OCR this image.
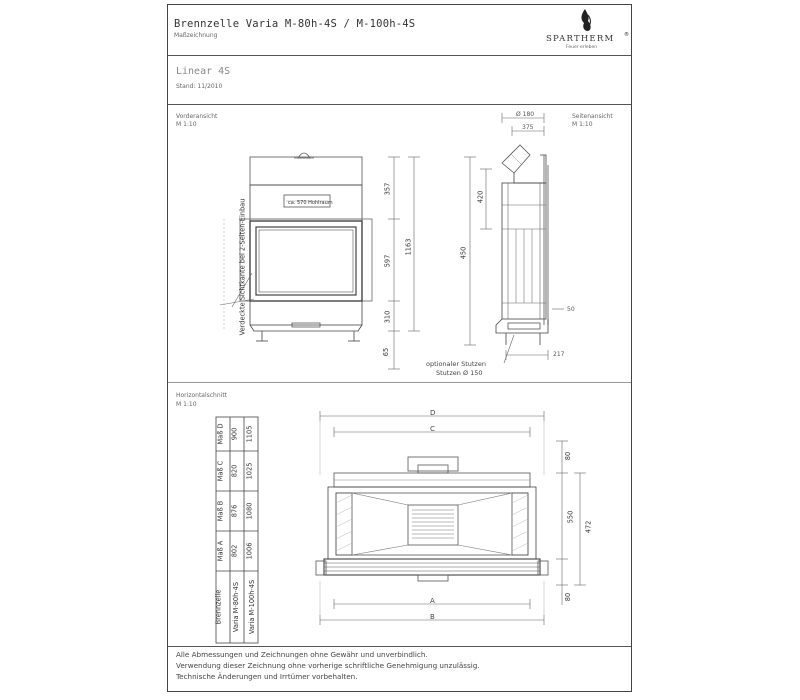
Brennzelle Varia M-80h-4S / M-100h-4S
Maßzeichnung	SPARTHERM ®
Feuer erleben
Linear 4S
Stand: 11/2010
Vorderansicht
M 1:10
Seitenansicht
M 1:10
Horizontalschnitt
M 1:10
Alle Abmessungen und Zeichnungen ohne Gewähr und unverbindlich.
Verwendung dieser Zeichnung ohne vorherige schriftliche Genehmigung unzulässig.
Technische Änderungen und Irrtümer vorbehalten.
Verdeckte Sichtkante bei 2-Seiten-Einbau	ca. 570 Hohlraum
357
597
1163
310
65
Ø 180
375
420
450
50
217
optionaler Stutzen
Stutzen Ø 150
D
C
A
B
80
550
472
80
Brennzelle
Maß A
Maß B
Maß C
Maß D
Varia M-80h-4S
802
876
820
900
Varia M-100h-4S
1006
1080
1025
1105
